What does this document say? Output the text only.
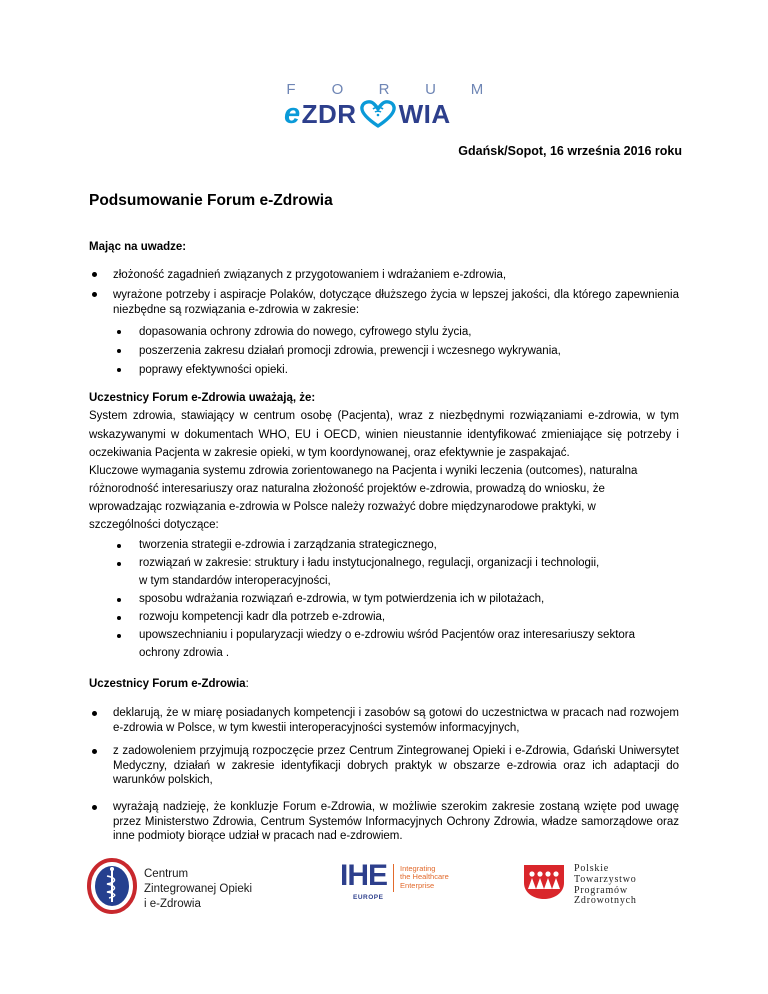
F O R U M
e ZDR WIA
Gdańsk/Sopot, 16 września 2016 roku
Podsumowanie Forum e-Zdrowia
Mając na uwadze:
złożoność zagadnień związanych z przygotowaniem i wdrażaniem e-zdrowia,
wyrażone potrzeby i aspiracje Polaków, dotyczące dłuższego życia w lepszej jakości, dla którego zapewnienia niezbędne są rozwiązania e-zdrowia w zakresie:
dopasowania ochrony zdrowia do nowego, cyfrowego stylu życia,
poszerzenia zakresu działań promocji zdrowia, prewencji i wczesnego wykrywania,
poprawy efektywności opieki.
Uczestnicy Forum e-Zdrowia uważają, że:
System zdrowia, stawiający w centrum osobę (Pacjenta), wraz z niezbędnymi rozwiązaniami e-zdrowia, w tym wskazywanymi w dokumentach WHO, EU i OECD, winien nieustannie identyfikować zmieniające się potrzeby i oczekiwania Pacjenta w zakresie opieki, w tym koordynowanej, oraz efektywnie je zaspakajać.
Kluczowe wymagania systemu zdrowia zorientowanego na Pacjenta i wyniki leczenia (outcomes), naturalna
różnorodność interesariuszy oraz naturalna złożoność projektów e-zdrowia, prowadzą do wniosku, że
wprowadzając rozwiązania e-zdrowia w Polsce należy rozważyć dobre międzynarodowe praktyki, w
szczególności dotyczące:
tworzenia strategii e-zdrowia i zarządzania strategicznego,
rozwiązań w zakresie: struktury i ładu instytucjonalnego, regulacji, organizacji i technologii,
w tym standardów interoperacyjności,
sposobu wdrażania rozwiązań e-zdrowia, w tym potwierdzenia ich w pilotażach,
rozwoju kompetencji kadr dla potrzeb e-zdrowia,
upowszechnianiu i popularyzacji wiedzy o e-zdrowiu wśród Pacjentów oraz interesariuszy sektora
ochrony zdrowia .
Uczestnicy Forum e-Zdrowia:
deklarują, że w miarę posiadanych kompetencji i zasobów są gotowi do uczestnictwa w pracach nad rozwojem e-zdrowia w Polsce, w tym kwestii interoperacyjności systemów informacyjnych,
z zadowoleniem przyjmują rozpoczęcie przez Centrum Zintegrowanej Opieki i e-Zdrowia, Gdański Uniwersytet Medyczny, działań w zakresie identyfikacji dobrych praktyk w obszarze e-zdrowia oraz ich adaptacji do warunków polskich,
wyrażają nadzieję, że konkluzje Forum e-Zdrowia, w możliwie szerokim zakresie zostaną wzięte pod uwagę przez Ministerstwo Zdrowia, Centrum Systemów Informacyjnych Ochrony Zdrowia, władze samorządowe oraz inne podmioty biorące udział w pracach nad e-zdrowiem.
Centrum
Zintegrowanej Opieki
i e-Zdrowia
IHE
EUROPE
Integrating
the Healthcare
Enterprise
Polskie
Towarzystwo
Programów
Zdrowotnych
